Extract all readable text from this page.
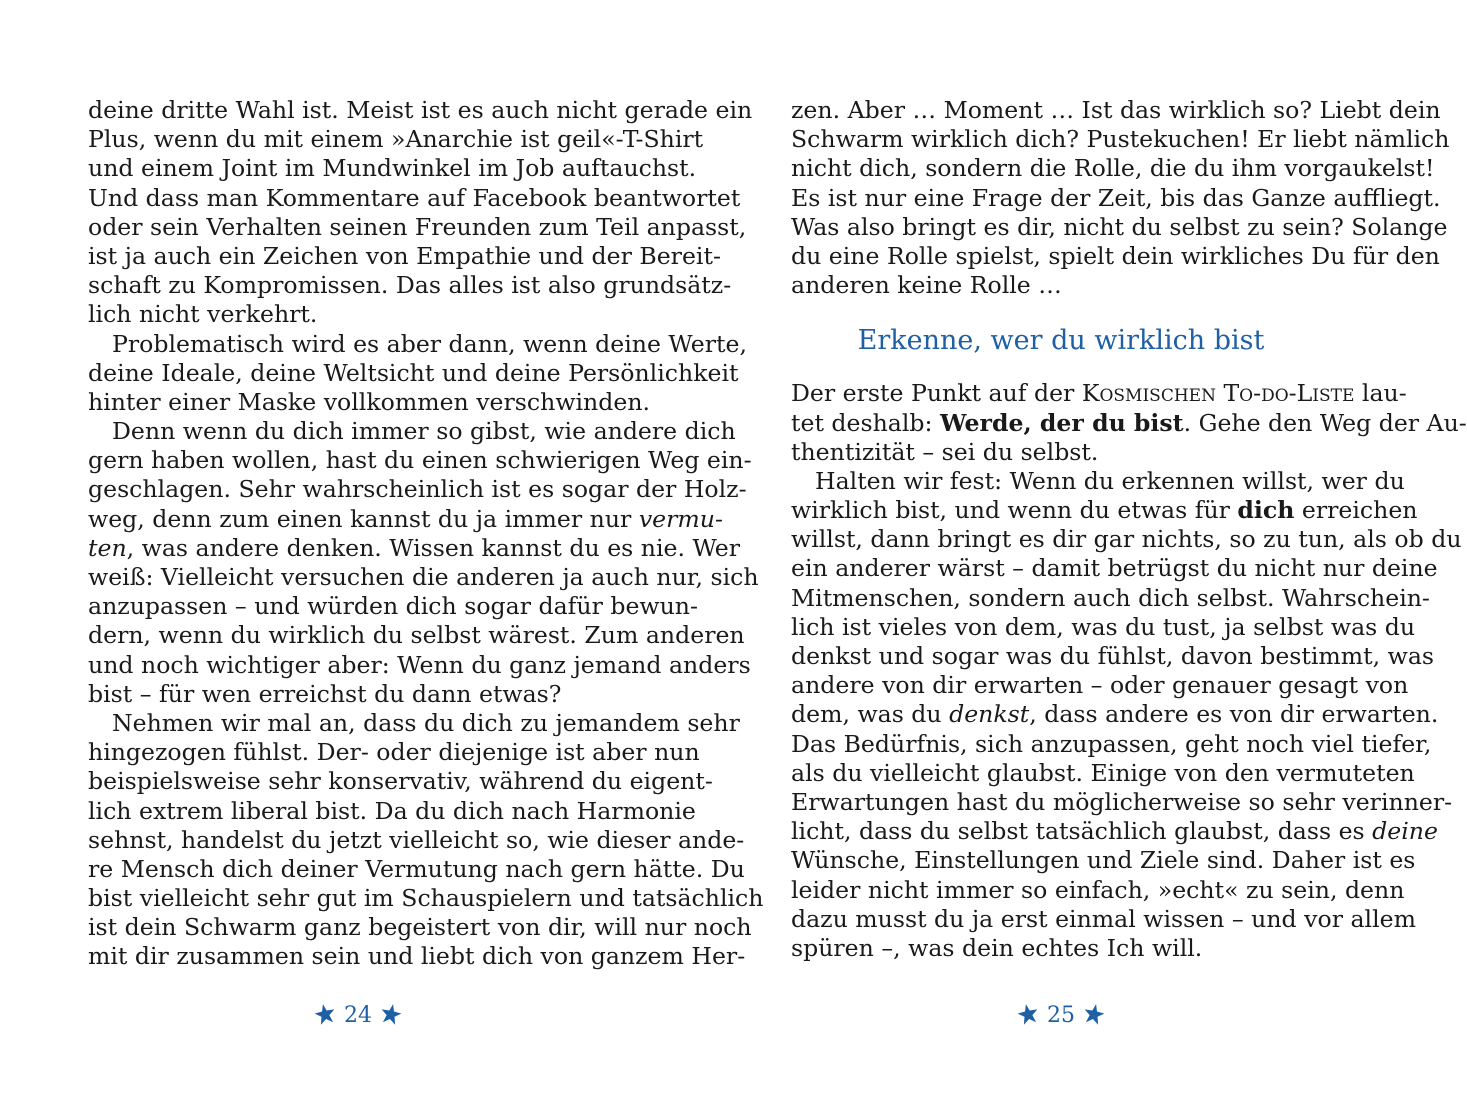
deine dritte Wahl ist. Meist ist es auch nicht gerade ein
Plus, wenn du mit einem »Anarchie ist geil«-T-Shirt
und einem Joint im Mundwinkel im Job auftauchst.
Und dass man Kommentare auf Facebook beantwortet
oder sein Verhalten seinen Freunden zum Teil anpasst,
ist ja auch ein Zeichen von Empathie und der Bereit-
schaft zu Kompromissen. Das alles ist also grundsätz-
lich nicht verkehrt.
Problematisch wird es aber dann, wenn deine Werte,
deine Ideale, deine Weltsicht und deine Persönlichkeit
hinter einer Maske vollkommen verschwinden.
Denn wenn du dich immer so gibst, wie andere dich
gern haben wollen, hast du einen schwierigen Weg ein-
geschlagen. Sehr wahrscheinlich ist es sogar der Holz-
weg, denn zum einen kannst du ja immer nur vermu-
ten, was andere denken. Wissen kannst du es nie. Wer
weiß: Vielleicht versuchen die anderen ja auch nur, sich
anzupassen – und würden dich sogar dafür bewun-
dern, wenn du wirklich du selbst wärest. Zum anderen
und noch wichtiger aber: Wenn du ganz jemand anders
bist – für wen erreichst du dann etwas?
Nehmen wir mal an, dass du dich zu jemandem sehr
hingezogen fühlst. Der- oder diejenige ist aber nun
beispielsweise sehr konservativ, während du eigent-
lich extrem liberal bist. Da du dich nach Harmonie
sehnst, handelst du jetzt vielleicht so, wie dieser ande-
re Mensch dich deiner Vermutung nach gern hätte. Du
bist vielleicht sehr gut im Schauspielern und tatsächlich
ist dein Schwarm ganz begeistert von dir, will nur noch
mit dir zusammen sein und liebt dich von ganzem Her-
24
zen. Aber … Moment … Ist das wirklich so? Liebt dein
Schwarm wirklich dich? Pustekuchen! Er liebt nämlich
nicht dich, sondern die Rolle, die du ihm vorgaukelst!
Es ist nur eine Frage der Zeit, bis das Ganze auffliegt.
Was also bringt es dir, nicht du selbst zu sein? Solange
du eine Rolle spielst, spielt dein wirkliches Du für den
anderen keine Rolle …
Erkenne, wer du wirklich bist
Der erste Punkt auf der Kosmischen To-do-Liste lau-
tet deshalb: Werde, der du bist. Gehe den Weg der Au-
thentizität – sei du selbst.
Halten wir fest: Wenn du erkennen willst, wer du
wirklich bist, und wenn du etwas für dich erreichen
willst, dann bringt es dir gar nichts, so zu tun, als ob du
ein anderer wärst – damit betrügst du nicht nur deine
Mitmenschen, sondern auch dich selbst. Wahrschein-
lich ist vieles von dem, was du tust, ja selbst was du
denkst und sogar was du fühlst, davon bestimmt, was
andere von dir erwarten – oder genauer gesagt von
dem, was du denkst, dass andere es von dir erwarten.
Das Bedürfnis, sich anzupassen, geht noch viel tiefer,
als du vielleicht glaubst. Einige von den vermuteten
Erwartungen hast du möglicherweise so sehr verinner-
licht, dass du selbst tatsächlich glaubst, dass es deine
Wünsche, Einstellungen und Ziele sind. Daher ist es
leider nicht immer so einfach, »echt« zu sein, denn
dazu musst du ja erst einmal wissen – und vor allem
spüren –, was dein echtes Ich will.
25
